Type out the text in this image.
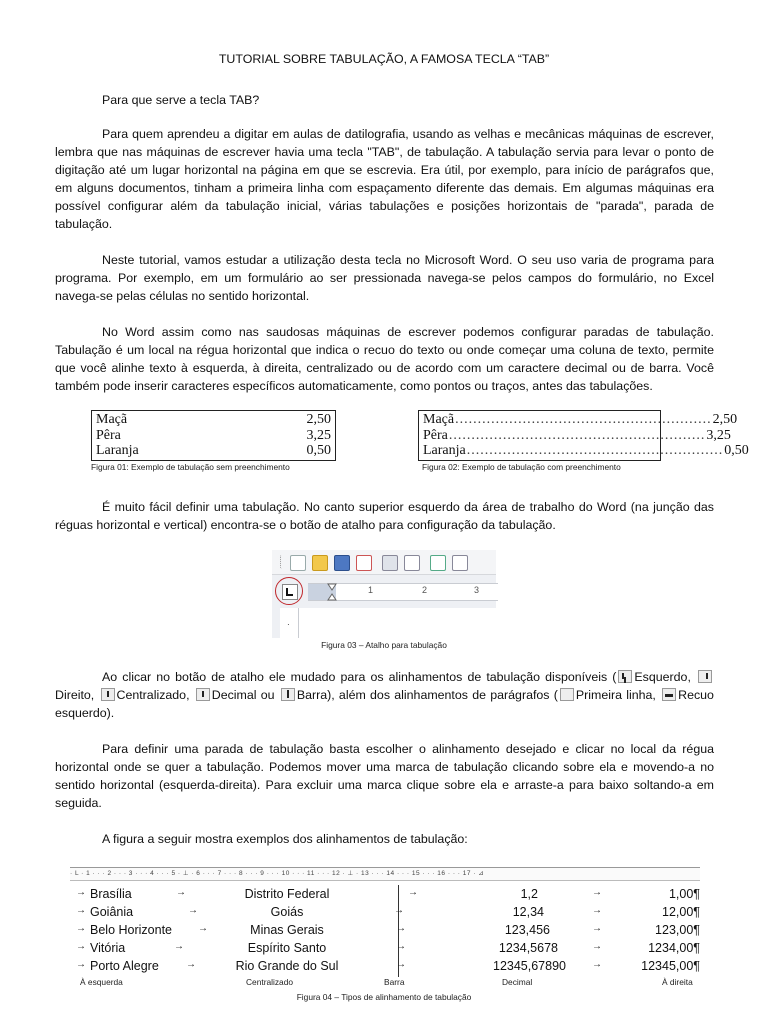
TUTORIAL SOBRE TABULAÇÃO, A FAMOSA TECLA “TAB”

Para que serve a tecla TAB?

Para quem aprendeu a digitar em aulas de datilografia, usando as velhas e mecânicas máquinas de escrever, lembra que nas máquinas de escrever havia uma tecla "TAB", de tabulação. A tabulação servia para levar o ponto de digitação até um lugar horizontal na página em que se escrevia. Era útil, por exemplo, para início de parágrafos que, em alguns documentos, tinham a primeira linha com espaçamento diferente das demais. Em algumas máquinas era possível configurar além da tabulação inicial, várias tabulações e posições horizontais de "parada", parada de tabulação.

Neste tutorial, vamos estudar a utilização desta tecla no Microsoft Word. O seu uso varia de programa para programa. Por exemplo, em um formulário ao ser pressionada navega-se pelos campos do formulário, no Excel navega-se pelas células no sentido horizontal.

No Word assim como nas saudosas máquinas de escrever podemos configurar paradas de tabulação. Tabulação é um local na régua horizontal que indica o recuo do texto ou onde começar uma coluna de texto, permite que você alinhe texto à esquerda, à direita, centralizado ou de acordo com um caractere decimal ou de barra. Você também pode inserir caracteres específicos automaticamente, como pontos ou traços, antes das tabulações.

Maçã	2,50
Pêra	3,25
Laranja	0,50
Figura 01: Exemplo de tabulação sem preenchimento
Maçã ......................................................... 2,50
Pêra ......................................................... 3,25
Laranja ......................................................... 0,50
Figura 02: Exemplo de tabulação com preenchimento

É muito fácil definir uma tabulação. No canto superior esquerdo da área de trabalho do Word (na junção das réguas horizontal e vertical) encontra-se o botão de atalho para configuração da tabulação.

1	2	3
·
Figura 03 – Atalho para tabulação
Ao clicar no botão de atalho ele mudado para os alinhamentos de tabulação disponíveis ( Esquerdo, Direito, Centralizado, Decimal ou Barra), além dos alinhamentos de parágrafos ( Primeira linha, Recuo esquerdo).

Para definir uma parada de tabulação basta escolher o alinhamento desejado e clicar no local da régua horizontal onde se quer a tabulação. Podemos mover uma marca de tabulação clicando sobre ela e movendo-a no sentido horizontal (esquerda-direita). Para excluir uma marca clique sobre ela e arraste-a para baixo soltando-a em seguida.

A figura a seguir mostra exemplos dos alinhamentos de tabulação:

· L · 1 · · · 2 · · · 3 · · · 4 · · · 5 · ⊥ · 6 · · · 7 · · · 8 · · · 9 · · · 10 · · · 11 · · · 12 · ⊥ · 13 · · · 14 · · · 15 · · · 16 · · · 17 · ⊿
→ Brasília	→	Distrito Federal	→	1,2	→	1,00¶
→ Goiânia	→	Goiás	→	12,34	→	12,00¶
→ Belo Horizonte	→	Minas Gerais	→	123,456	→	123,00¶
→ Vitória	→	Espírito Santo	→	1234,5678	→	1234,00¶
→ Porto Alegre	→	Rio Grande do Sul	→	12345,67890	→	12345,00¶
À esquerda	Centralizado	Barra	Decimal	À direita
Figura 04 – Tipos de alinhamento de tabulação
